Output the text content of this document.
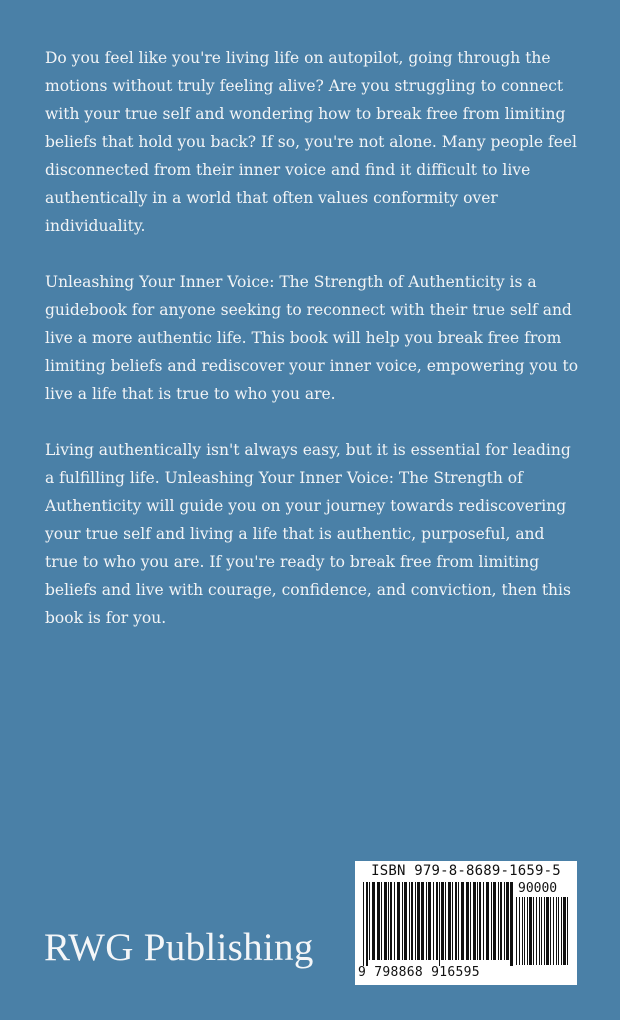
Do you feel like you're living life on autopilot, going through the motions without truly feeling alive? Are you struggling to connect with your true self and wondering how to break free from limiting beliefs that hold you back? If so, you're not alone. Many people feel disconnected from their inner voice and find it difficult to live authentically in a world that often values conformity over individuality.

Unleashing Your Inner Voice: The Strength of Authenticity is a guidebook for anyone seeking to reconnect with their true self and live a more authentic life. This book will help you break free from limiting beliefs and rediscover your inner voice, empowering you to live a life that is true to who you are.

Living authentically isn't always easy, but it is essential for leading a fulfilling life. Unleashing Your Inner Voice: The Strength of Authenticity will guide you on your journey towards rediscovering your true self and living a life that is authentic, purposeful, and true to who you are. If you're ready to break free from limiting beliefs and live with courage, confidence, and conviction, then this book is for you.

RWG Publishing
ISBN 979-8-8689-1659-5
90000
9 798868 916595
